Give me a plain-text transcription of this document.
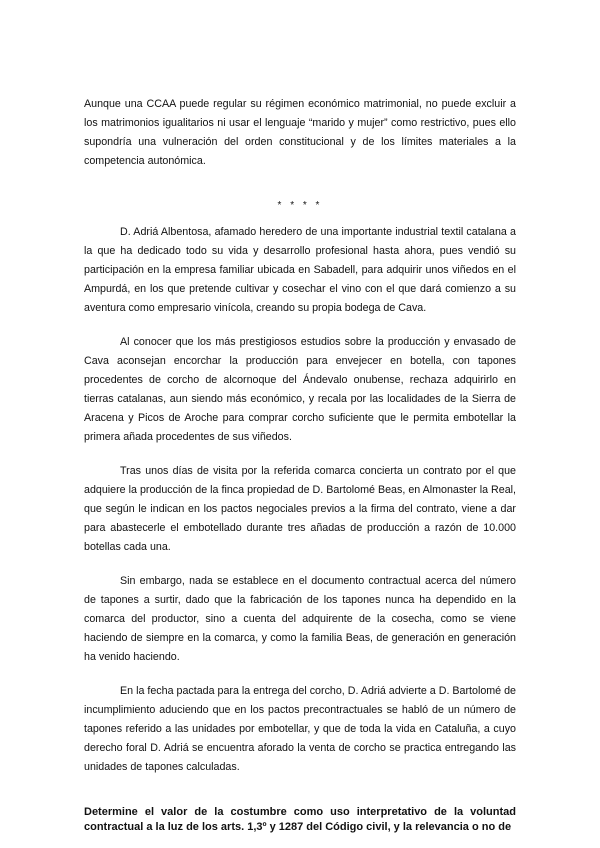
Aunque una CCAA puede regular su régimen económico matrimonial, no puede excluir a los matrimonios igualitarios ni usar el lenguaje “marido y mujer” como restrictivo, pues ello supondría una vulneración del orden constitucional y de los límites materiales a la competencia autonómica.

* * * *

D. Adriá Albentosa, afamado heredero de una importante industrial textil catalana a la que ha dedicado todo su vida y desarrollo profesional hasta ahora, pues vendió su participación en la empresa familiar ubicada en Sabadell, para adquirir unos viñedos en el Ampurdá, en los que pretende cultivar y cosechar el vino con el que dará comienzo a su aventura como empresario vinícola, creando su propia bodega de Cava.

Al conocer que los más prestigiosos estudios sobre la producción y envasado de Cava aconsejan encorchar la producción para envejecer en botella, con tapones procedentes de corcho de alcornoque del Ándevalo onubense, rechaza adquirirlo en tierras catalanas, aun siendo más económico, y recala por las localidades de la Sierra de Aracena y Picos de Aroche para comprar corcho suficiente que le permita embotellar la primera añada procedentes de sus viñedos.

Tras unos días de visita por la referida comarca concierta un contrato por el que adquiere la producción de la finca propiedad de D. Bartolomé Beas, en Almonaster la Real, que según le indican en los pactos negociales previos a la firma del contrato, viene a dar para abastecerle el embotellado durante tres añadas de producción a razón de 10.000 botellas cada una.

Sin embargo, nada se establece en el documento contractual acerca del número de tapones a surtir, dado que la fabricación de los tapones nunca ha dependido en la comarca del productor, sino a cuenta del adquirente de la cosecha, como se viene haciendo de siempre en la comarca, y como la familia Beas, de generación en generación ha venido haciendo.

En la fecha pactada para la entrega del corcho, D. Adriá advierte a D. Bartolomé de incumplimiento aduciendo que en los pactos precontractuales se habló de un número de tapones referido a las unidades por embotellar, y que de toda la vida en Cataluña, a cuyo derecho foral D. Adriá se encuentra aforado la venta de corcho se practica entregando las unidades de tapones calculadas.

Determine el valor de la costumbre como uso interpretativo de la voluntad contractual a la luz de los arts. 1,3º y 1287 del Código civil, y la relevancia o no de
